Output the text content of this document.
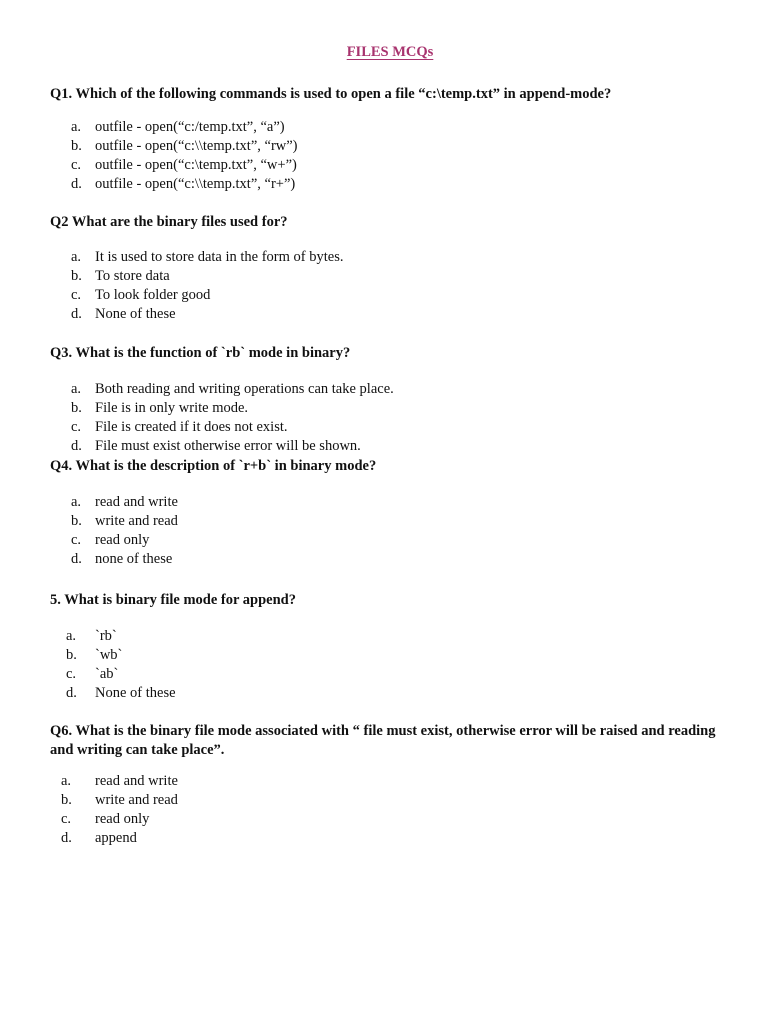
FILES MCQs
Q1. Which of the following commands is used to open a file “c:\temp.txt” in append-mode?
a. outfile - open(“c:/temp.txt”, “a”)
b. outfile - open(“c:\\temp.txt”, “rw”)
c. outfile - open(“c:\temp.txt”, “w+”)
d. outfile - open(“c:\\temp.txt”, “r+”)
Q2 What are the binary files used for?
a. It is used to store data in the form of bytes.
b. To store data
c. To look folder good
d. None of these
Q3. What is the function of `rb` mode in binary?
a. Both reading and writing operations can take place.
b. File is in only write mode.
c. File is created if it does not exist.
d. File must exist otherwise error will be shown.
Q4. What is the description of `r+b` in binary mode?
a. read and write
b. write and read
c. read only
d. none of these
5. What is binary file mode for append?
a. `rb`
b. `wb`
c. `ab`
d. None of these
Q6. What is the binary file mode associated with “ file must exist, otherwise error will be raised and reading and writing can take place”.
a. read and write
b. write and read
c. read only
d. append
